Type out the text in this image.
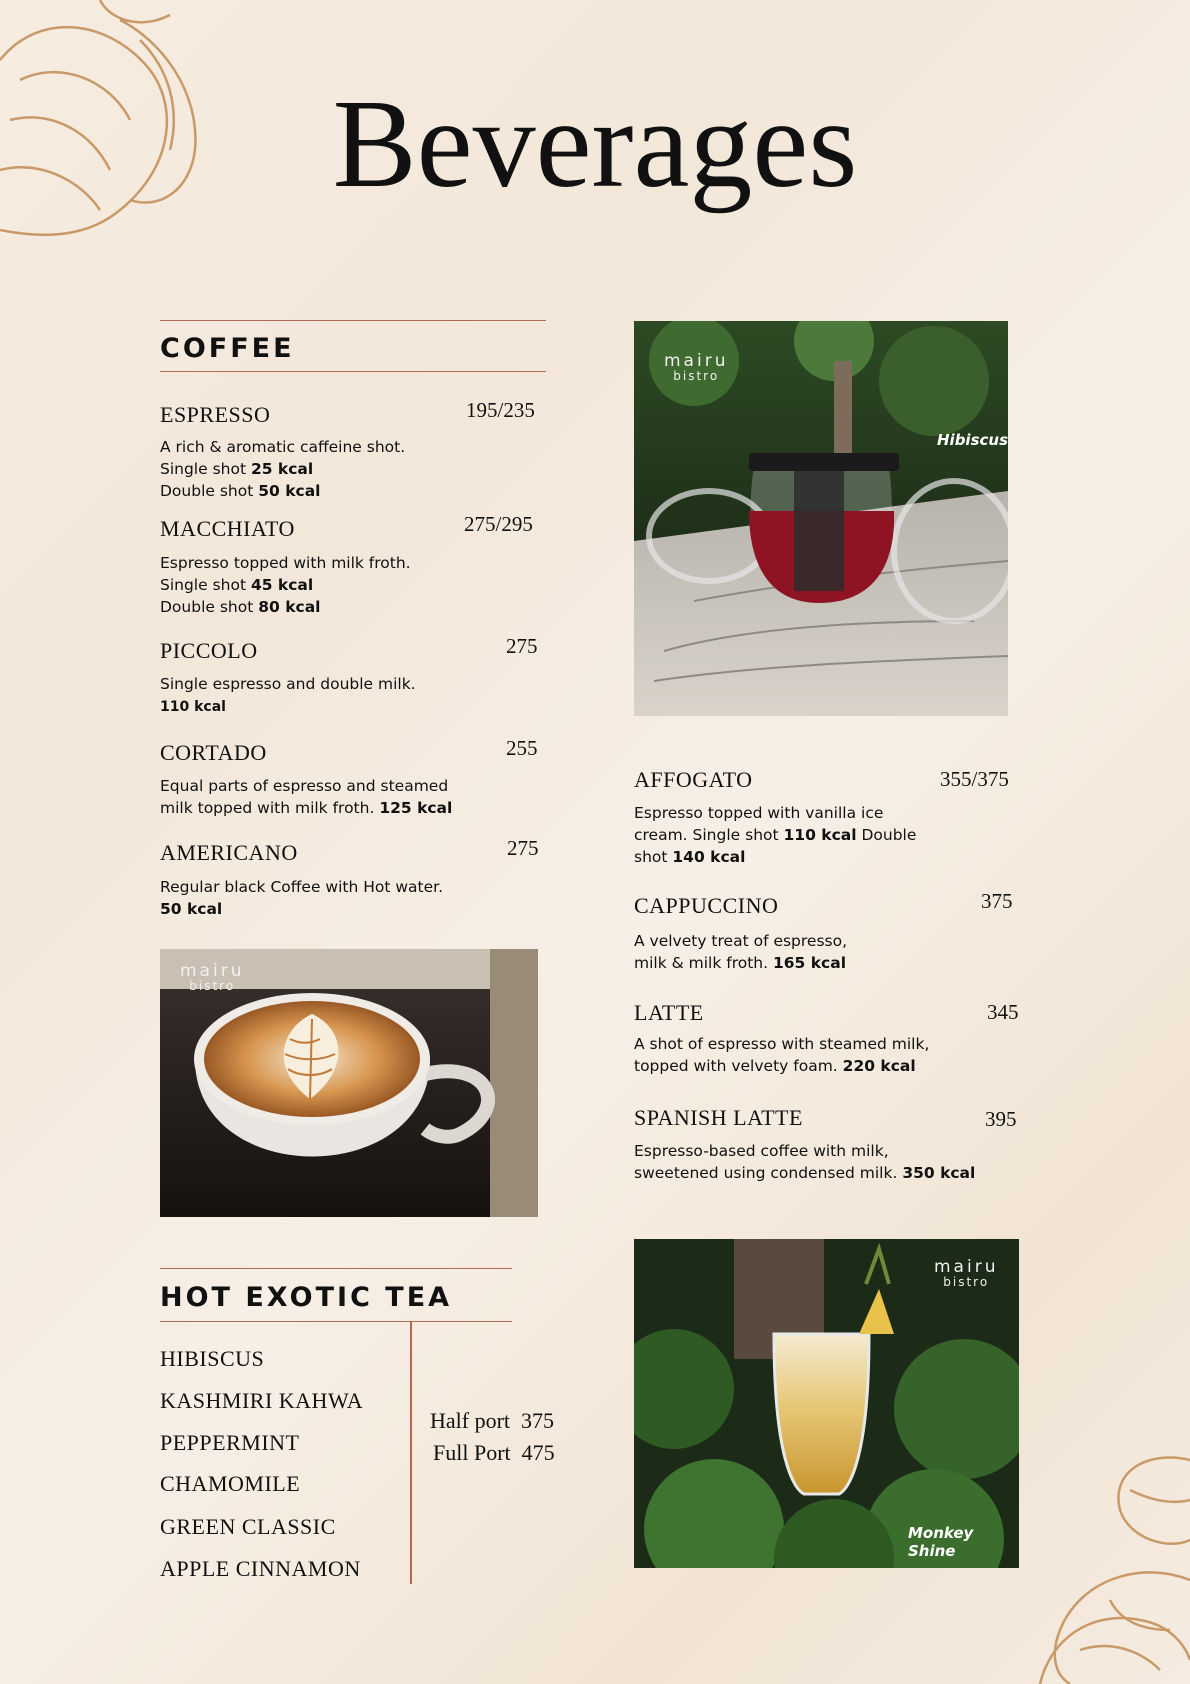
Beverages
COFFEE
ESPRESSO	195/235
A rich & aromatic caffeine shot.
Single shot 25 kcal
Double shot 50 kcal
MACCHIATO	275/295
Espresso topped with milk froth.
Single shot 45 kcal
Double shot 80 kcal
PICCOLO	275
Single espresso and double milk.
110 kcal
CORTADO	255
Equal parts of espresso and steamed
milk topped with milk froth. 125 kcal
AMERICANO	275
Regular black Coffee with Hot water.
50 kcal
mairu
bistro
HOT EXOTIC TEA
HIBISCUS
KASHMIRI KAHWA
PEPPERMINT
CHAMOMILE
GREEN CLASSIC
APPLE CINNAMON
Half port 375
Full Port 475
mairu
bistro
Hibiscus
AFFOGATO	355/375
Espresso topped with vanilla ice
cream. Single shot 110 kcal Double
shot 140 kcal
CAPPUCCINO	375
A velvety treat of espresso,
milk & milk froth. 165 kcal
LATTE	345
A shot of espresso with steamed milk,
topped with velvety foam. 220 kcal
SPANISH LATTE	395
Espresso-based coffee with milk,
sweetened using condensed milk. 350 kcal
mairu
bistro
Monkey Shine
